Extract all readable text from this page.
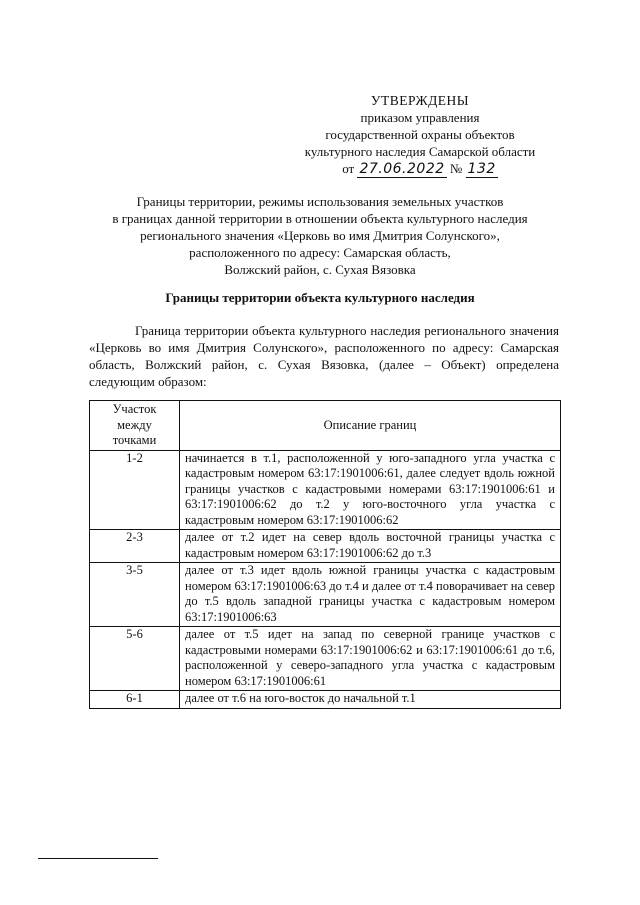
УТВЕРЖДЕНЫ
приказом управления
государственной охраны объектов
культурного наследия Самарской области
от 27.06.2022 № 132
Границы территории, режимы использования земельных участков
в границах данной территории в отношении объекта культурного наследия
регионального значения «Церковь во имя Дмитрия Солунского»,
расположенного по адресу: Самарская область,
Волжский район, с. Сухая Вязовка
Границы территории объекта культурного наследия

Граница территории объекта культурного наследия регионального значения «Церковь во имя Дмитрия Солунского», расположенного по адресу: Самарская область, Волжский район, с. Сухая Вязовка, (далее – Объект) определена следующим образом:

Участок
между
точками	Описание границ
1-2	начинается в т.1, расположенной у юго-западного угла участка с кадастровым номером 63:17:1901006:61, далее следует вдоль южной границы участков с кадастровыми номерами 63:17:1901006:61 и 63:17:1901006:62 до т.2 у юго-восточного угла участка с кадастровым номером 63:17:1901006:62
2-3	далее от т.2 идет на север вдоль восточной границы участка с кадастровым номером 63:17:1901006:62 до т.3
3-5	далее от т.3 идет вдоль южной границы участка с кадастровым номером 63:17:1901006:63 до т.4 и далее от т.4 поворачивает на север до т.5 вдоль западной границы участка с кадастровым номером 63:17:1901006:63
5-6	далее от т.5 идет на запад по северной границе участков с кадастровыми номерами 63:17:1901006:62 и 63:17:1901006:61 до т.6, расположенной у северо-западного угла участка с кадастровым номером 63:17:1901006:61
6-1	далее от т.6 на юго-восток до начальной т.1
